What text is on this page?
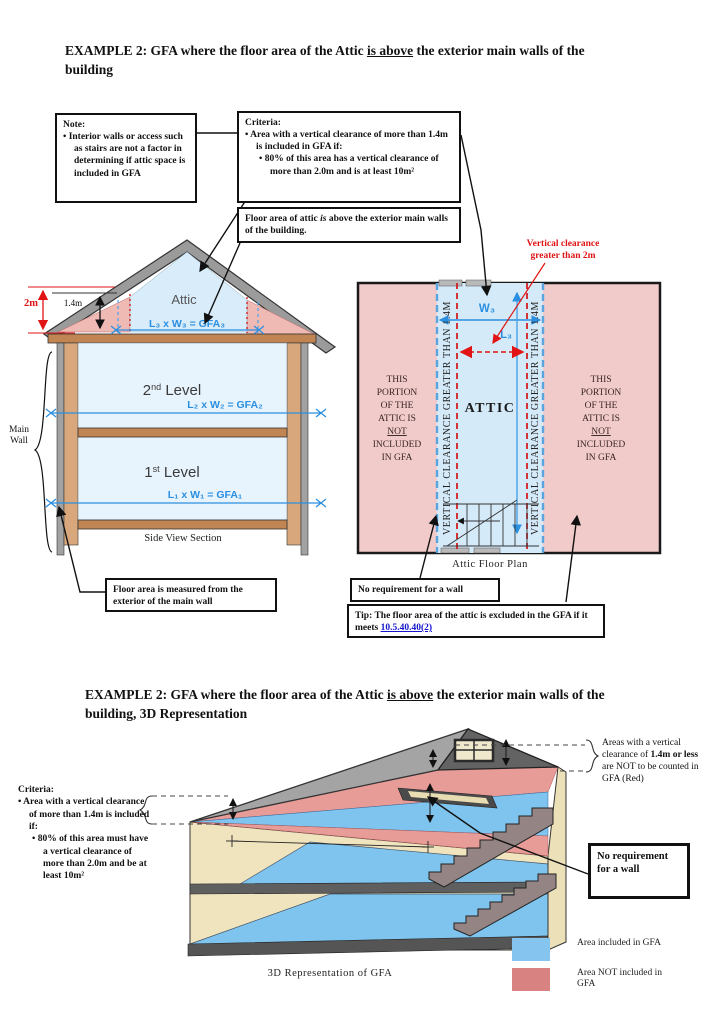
Attic
L₃ x W₃ = GFA₃
2nd Level
L₂ x W₂ = GFA₂
1st Level
L₁ x W₁ = GFA₁
Side View Section
2m	1.4m
Main
Wall
W₃
L₃
VERTICAL CLEARANCE GREATER THAN 1.4M	VERTICAL CLEARANCE GREATER THAN 1.4M
ATTIC
THIS
PORTION
OF THE
ATTIC IS
NOT
INCLUDED
IN GFA
THIS
PORTION
OF THE
ATTIC IS
NOT
INCLUDED
IN GFA
Attic Floor Plan
Vertical clearance
greater than 2m
EXAMPLE 2: GFA where the floor area of the Attic is above the exterior main walls of the building
Note:
• Interior walls or access such as stairs are not a factor in determining if attic space is included in GFA
Criteria:
• Area with a vertical clearance of more than 1.4m is included in GFA if:
• 80% of this area has a vertical clearance of more than 2.0m and is at least 10m²
Floor area of attic is above the exterior main walls of the building.
Floor area is measured from the exterior of the main wall
No requirement for a wall
Tip: The floor area of the attic is excluded in the GFA if it meets 10.5.40.40(2)
EXAMPLE 2: GFA where the floor area of the Attic is above the exterior main walls of the building, 3D Representation
Criteria:
• Area with a vertical clearance of more than 1.4m is included if:
• 80% of this area must have a vertical clearance of more than 2.0m and be at least 10m²
Areas with a vertical clearance of 1.4m or less are NOT to be counted in GFA (Red)
No requirement for a wall
3D Representation of GFA
Area included in GFA
Area NOT included in GFA
